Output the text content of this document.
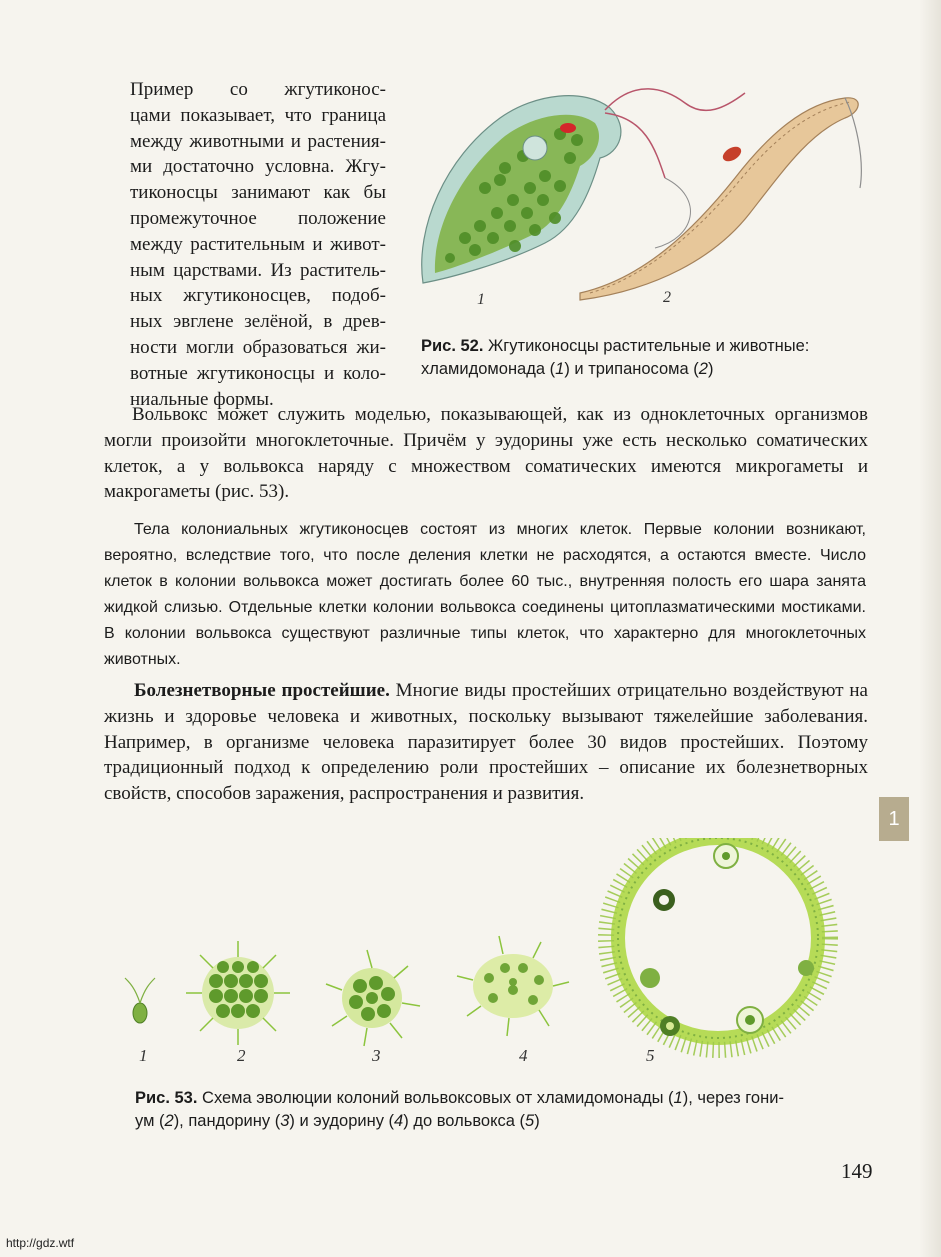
Пример со жгутиконос-
цами показывает, что граница
между животными и растения-
ми достаточно условна. Жгу-
тиконосцы занимают как бы
промежуточное положение
между растительным и живот-
ным царствами. Из раститель-
ных жгутиконосцев, подоб-
ных эвглене зелёной, в древ-
ности могли образоваться жи-
вотные жгутиконосцы и коло-
ниальные формы.
1	2
Рис. 52. Жгутиконосцы растительные и животные:
хламидомонада (1) и трипаносома (2)

Вольвокс может служить моделью, показывающей, как из одноклеточных организмов могли произойти многоклеточные. Причём у эудорины уже есть несколько соматических клеток, а у вольвокса наряду с множеством соматических имеются микрогаметы и макрогаметы (рис. 53).

Тела колониальных жгутиконосцев состоят из многих клеток. Первые колонии возникают, вероятно, вследствие того, что после деления клетки не расходятся, а остаются вместе. Число клеток в колонии вольвокса может достигать более 60 тыс., внутренняя полость его шара занята жидкой слизью. Отдельные клетки колонии вольвокса соединены цитоплазматическими мостиками. В колонии вольвокса существуют различные типы клеток, что характерно для многоклеточных животных.

Болезнетворные простейшие. Многие виды простейших отрицательно воздействуют на жизнь и здоровье человека и животных, поскольку вызывают тяжелейшие заболевания. Например, в организме человека паразитирует более 30 видов простейших. Поэтому традиционный подход к определению роли простейших – описание их болезнетворных свойств, способов заражения, распространения и развития.

1
1	2	3	4	5
Рис. 53. Схема эволюции колоний вольвоксовых от хламидомонады (1), через гони-
ум (2), пандорину (3) и эудорину (4) до вольвокса (5)
149
http://gdz.wtf
